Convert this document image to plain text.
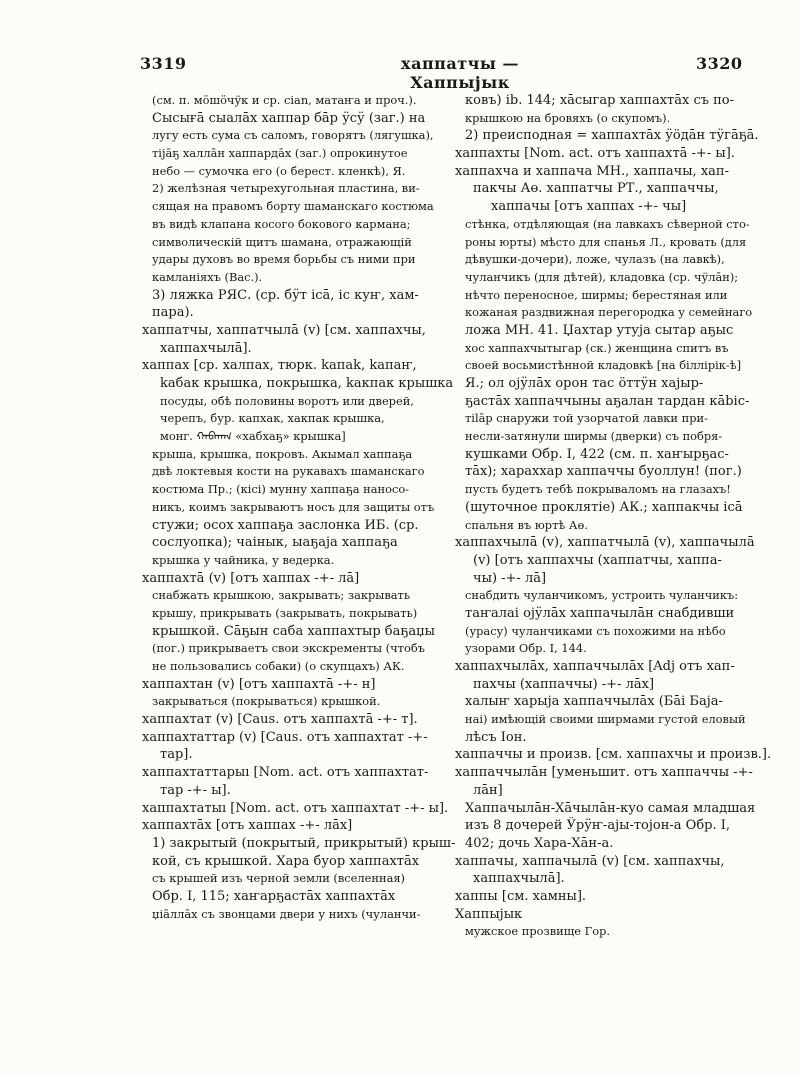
3319	хаппатчы — Хаппыјык
3320
(см. п. мӧшӧчӱк и ср. сіаn, матаҥа и проч.).
Сысығā сыалāх хаппар бāр ӱсӱ (заг.) на
лугу есть сума съ саломъ, говорятъ (лягушка),
тіјāҕ халлāн хаппардāх (заг.) опрокинутое
небо — сумочка его (о берест. кленкѣ), Я.
2) желѣзная четырехугольная пластина, ви-
сящая на правомъ борту шаманскаго костюма
въ видѣ клапана косого бокового кармана;
символическій щитъ шамана, отражающій
удары духовъ во время борьбы съ ними при
камланіяхъ (Вас.).
3) ляжка РЯС. (ср. бӱт ісā, іс куҥ, хам-
пара).
хаппатчы, хаппатчылā (v) [см. хаппахчы,
хаппахчылā].
хаппах [ср. халпах, тюрк. kапаk, kапаҥ,
kабак крышка, покрышка, kакпак крышка
посуды, обѣ половины воротъ или дверей,
черепъ, бур. капхак, хакпак крышка,
монг. ᠬᠠᠪᠬᠠᠭ «хабхаҕ» крышка]
крыша, крышка, покровъ. Акымал хаппаҕа
двѣ локтевыя кости на рукавахъ шаманскаго
костюма Пр.; (кісі) мунну хаппаҕа наносо-
никъ, коимъ закрываютъ носъ для защиты отъ
стужи; осох хаппаҕа заслонка ИБ. (ср.
сослуопка); чаінык, ыаҕаја хаппаҕа
крышка у чайника, у ведерка.
хаппахтā (v) [отъ хаппах -+- лā]
снабжать крышкою, закрывать; закрывать
крышу, прикрывать (закрывать, покрывать)
крышкой. Сāҕын саба хаппахтыр баҕаџы
(пог.) прикрываетъ свои экскременты (чтобъ
не пользовались собаки) (о скупцахъ) АК.
хаппахтан (v) [отъ хаппахтā -+- н]
закрываться (покрываться) крышкой.
хаппахтат (v) [Caus. отъ хаппахтā -+- т].
хаппахтаттар (v) [Caus. отъ хаппахтат -+-
тар].
хаппахтаттарыı [Nom. act. отъ хаппахтат-
тар -+- ы].
хаппахтатыı [Nom. act. отъ хаппахтат -+- ы].
хаппахтāх [отъ хаппах -+- лāх]
1) закрытый (покрытый, прикрытый) крыш-
кой, съ крышкой. Хара буор хаппахтāх
съ крышей изъ черной земли (вселенная)
Обр. I, 115; хаҥарҕастāх хаппахтāх
џіāллāх съ звонцами двери у нихъ (чуланчи-
ковъ) ib. 144; хāсыгар хаппахтāх съ по-
крышкою на бровяхъ (о скупомъ).
2) преисподная = хаппахтāх ӱöдāн тӱгāҕā.
хаппахты [Nom. act. отъ хаппахтā -+- ы].
хаппахча и хаппача МН., хаппачы, хап-
пакчы Аө. хаппатчы РТ., хаппаччы,
хаппачы [отъ хаппах -+- чы]
стѣнка, отдѣляющая (на лавкахъ сѣверной сто-
роны юрты) мѣсто для спанья Л., кровать (для
дѣвушки-дочери), ложе, чулазъ (на лавкѣ),
чуланчикъ (для дѣтей), кладовка (ср. чӱлāн);
нѣчто переносное, ширмы; берестяная или
кожаная раздвижная перегородка у семейнаго
ложа МН. 41. Џахтар утуја сытар аҕыс
хос хаппахчытыгар (ск.) женщина спитъ въ
своей восьмистѣнной кладовкѣ [на біллірік-ѣ]
Я.; ол оjӱлāх орон тас öттӱн хаjыр-
ҕастāх хаппаччыны аҕалан тардан кābіс-
тіlāр снаружи той узорчатой лавки при-
несли-затянули ширмы (дверки) съ побря-
кушками Обр. I, 422 (см. п. хаҥырҕас-
тāх); хараххар хаппаччы буоллун! (пог.)
пусть будетъ тебѣ покрываломъ на глазахъ!
(шуточное проклятіе) АК.; хаппакчы ісā
спальня въ юртѣ Аө.
хаппахчылā (v), хаппатчылā (v), хаппачылā
(v) [отъ хаппахчы (хаппатчы, хаппа-
чы) -+- лā]
снабдить чуланчикомъ, устроить чуланчикъ:
таҥалаі оjӱлāх хаппачылāн снабдивши
(урасу) чуланчиками съ похожими на нѣбо
узорами Обр. I, 144.
хаппахчылāх, хаппаччылāх [Adj отъ хап-
пахчы (хаппаччы) -+- лāх]
халыҥ харыја хаппаччылāх (Бāі Баја-
наі) имѣющій своими ширмами густой еловый
лѣсъ Іон.
хаппаччы и произв. [см. хаппахчы и произв.].
хаппаччылāн [уменьшит. отъ хаппаччы -+-
лāн]
Хаппачылāн-Хāчылāн-куо самая младшая
изъ 8 дочерей Ӱрӱҥ-аjы-тојон-а Обр. I,
402; дочь Хара-Хāн-а.
хаппачы, хаппачылā (v) [см. хаппахчы,
хаппахчылā].
хаппы [см. хамны].
Хаппыјык
мужское прозвище Гор.
